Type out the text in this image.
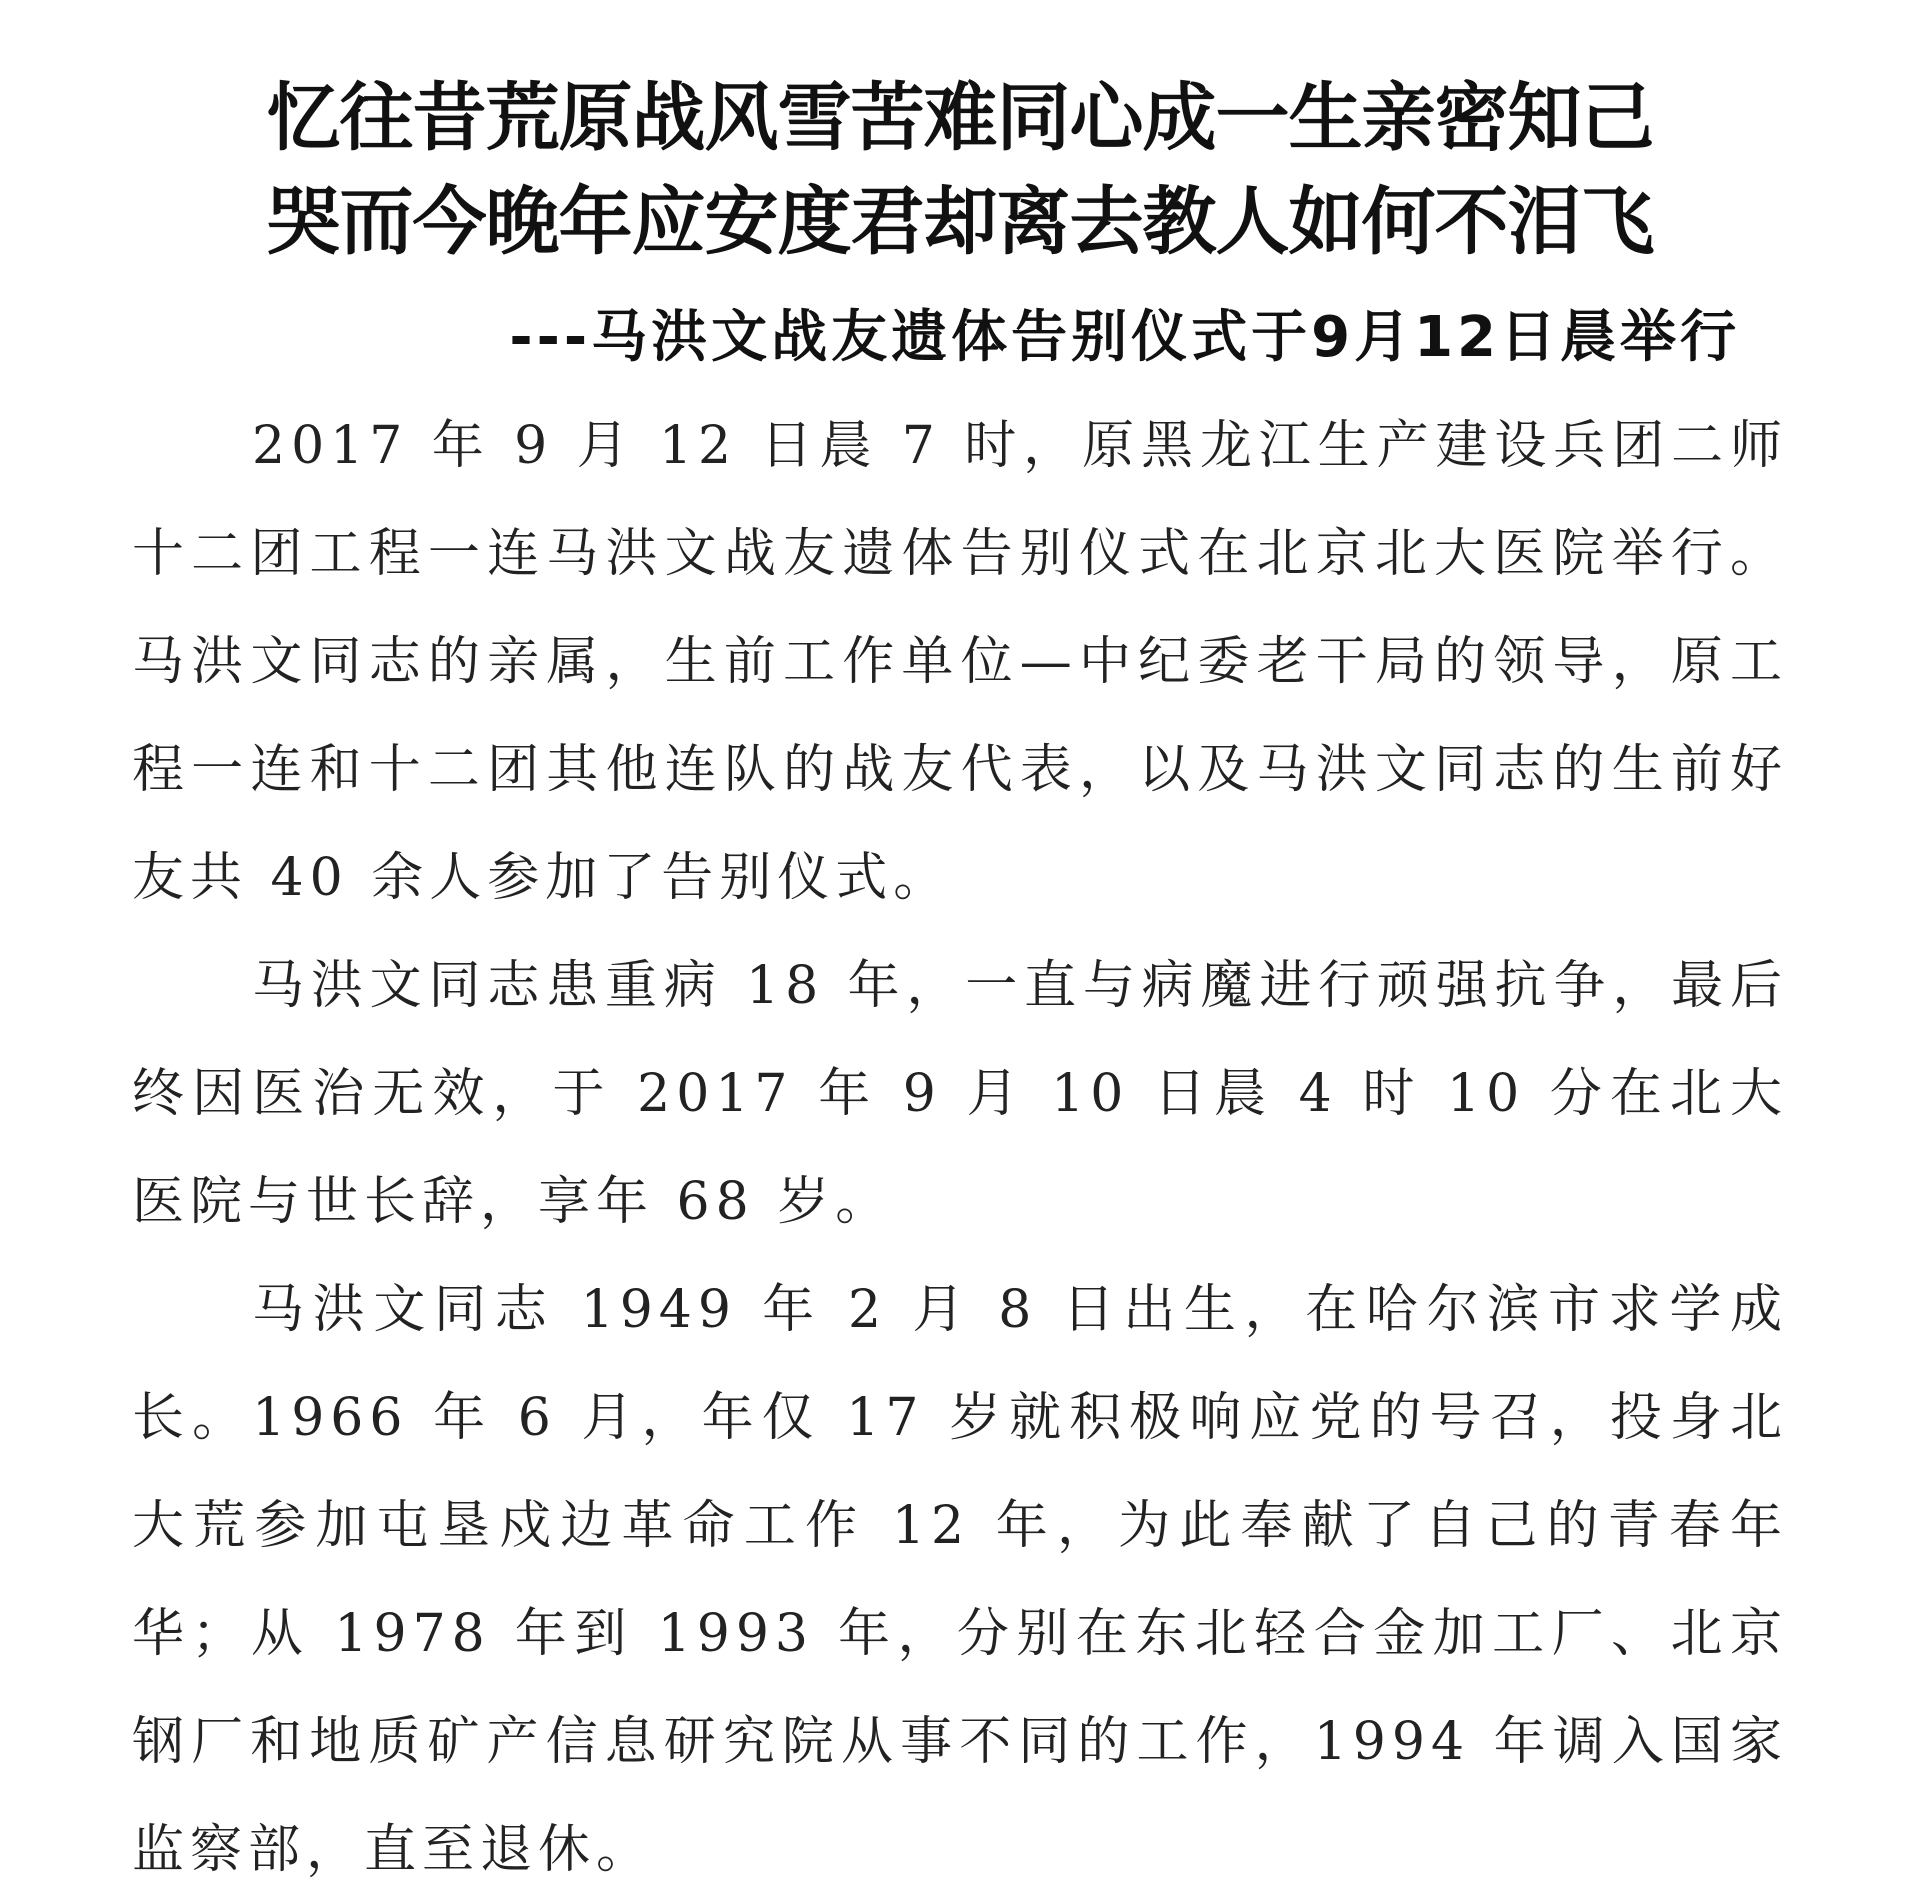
忆往昔荒原战风雪苦难同心成一生亲密知己
哭而今晚年应安度君却离去教人如何不泪飞
---马洪文战友遗体告别仪式于9月12日晨举行

2017 年 9 月 12 日晨 7 时，原黑龙江生产建设兵团二师十二团工程一连马洪文战友遗体告别仪式在北京北大医院举行。马洪文同志的亲属，生前工作单位—中纪委老干局的领导，原工程一连和十二团其他连队的战友代表，以及马洪文同志的生前好友共 40 余人参加了告别仪式。

马洪文同志患重病 18 年，一直与病魔进行顽强抗争，最后终因医治无效，于 2017 年 9 月 10 日晨 4 时 10 分在北大医院与世长辞，享年 68 岁。

马洪文同志 1949 年 2 月 8 日出生，在哈尔滨市求学成长。1966 年 6 月，年仅 17 岁就积极响应党的号召，投身北大荒参加屯垦戍边革命工作 12 年，为此奉献了自己的青春年华；从 1978 年到 1993 年，分别在东北轻合金加工厂、北京钢厂和地质矿产信息研究院从事不同的工作，1994 年调入国家监察部，直至退休。
